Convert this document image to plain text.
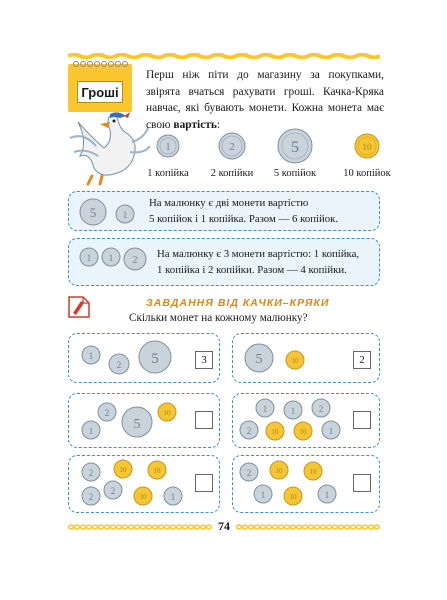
Гроші

Перш ніж піти до магазину за покупками, звірята вчаться рахувати гроші. Качка-Кряка навчає, які бувають монети. Кожна монета має свою вартість:

1	2	5	10
1 копійка	2 копійки	5 копійок	10 копійок
5	1
На малюнку є дві монети вартістю
5 копійок і 1 копійка. Разом — 6 копійок.
1 1 2
На малюнку є 3 монети вартістю: 1 копійка,
1 копійка і 2 копійки. Разом — 4 копійки.
ЗАВДАННЯ ВІД КАЧКИ–КРЯКИ
Скільки монет на кожному малюнку?
1
2 5	3	5	10	2
1
2
5
10	1	1	2
2	10	10 1
2	10	10
2
2
10	1
2	10	10
1	10	1
74
